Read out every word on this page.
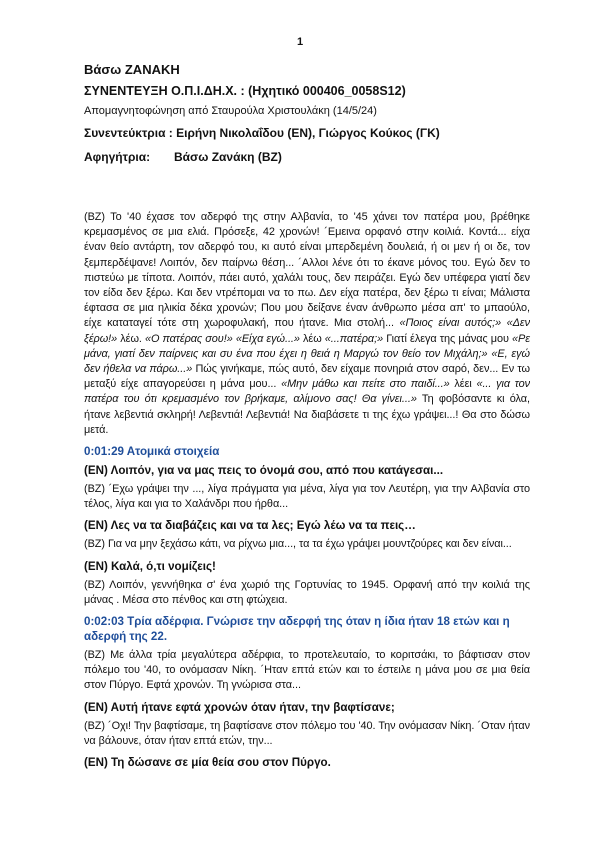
1
Βάσω ΖΑΝΑΚΗ
ΣΥΝΕΝΤΕΥΞΗ Ο.Π.Ι.ΔΗ.Χ. : (Ηχητικό 000406_0058S12)
Απομαγνητοφώνηση από Σταυρούλα Χριστουλάκη (14/5/24)
Συνεντεύκτρια : Ειρήνη Νικολαΐδου (ΕΝ), Γιώργος Κούκος (ΓΚ)
Αφηγήτρια: Βάσω Ζανάκη (ΒΖ)

(ΒΖ) Το '40 έχασε τον αδερφό της στην Αλβανία, το '45 χάνει τον πατέρα μου, βρέθηκε κρεμασμένος σε μια ελιά. Πρόσεξε, 42 χρονών! ´Εμεινα ορφανό στην κοιλιά. Κοντά... είχα έναν θείο αντάρτη, τον αδερφό του, κι αυτό είναι μπερδεμένη δουλειά, ή οι μεν ή οι δε, τον ξεμπερδέψανε! Λοιπόν, δεν παίρνω θέση... ´Αλλοι λένε ότι το έκανε μόνος του. Εγώ δεν το πιστεύω με τίποτα. Λοιπόν, πάει αυτό, χαλάλι τους, δεν πειράζει. Εγώ δεν υπέφερα γιατί δεν τον είδα δεν ξέρω. Και δεν ντρέπομαι να το πω. Δεν είχα πατέρα, δεν ξέρω τι είναι; Μάλιστα έφτασα σε μια ηλικία δέκα χρονών; Που μου δείξανε έναν άνθρωπο μέσα απ' το μπαούλο, είχε καταταγεί τότε στη χωροφυλακή, που ήτανε. Μια στολή... «Ποιος είναι αυτός;» «Δεν ξέρω!» λέω. «Ο πατέρας σου!» «Είχα εγώ...» λέω «...πατέρα;» Γιατί έλεγα της μάνας μου «Ρε μάνα, γιατί δεν παίρνεις και συ ένα που έχει η θειά η Μαργώ τον θείο τον Μιχάλη;» «Ε, εγώ δεν ήθελα να πάρω...» Πώς γινήκαμε, πώς αυτό, δεν είχαμε πονηριά στον σαρό, δεν... Εν τω μεταξύ είχε απαγορεύσει η μάνα μου... «Μην μάθω και πείτε στο παιδί...» λέει «... για τον πατέρα του ότι κρεμασμένο τον βρήκαμε, αλίμονο σας! Θα γίνει...» Τη φοβόσαντε κι όλα, ήτανε λεβεντιά σκληρή! Λεβεντιά! Λεβεντιά! Να διαβάσετε τι της έχω γράψει...! Θα στο δώσω μετά.

0:01:29 Ατομικά στοιχεία

(ΕΝ) Λοιπόν, για να μας πεις το όνομά σου, από που κατάγεσαι...

(ΒΖ) ´Εχω γράψει την ..., λίγα πράγματα για μένα, λίγα για τον Λευτέρη, για την Αλβανία στο τέλος, λίγα και για το Χαλάνδρι που ήρθα...

(ΕΝ) Λες να τα διαβάζεις και να τα λες; Εγώ λέω να τα πεις…

(ΒΖ) Για να μην ξεχάσω κάτι, να ρίχνω μια..., τα τα έχω γράψει μουντζούρες και δεν είναι...

(ΕΝ) Καλά, ό,τι νομίζεις!

(ΒΖ) Λοιπόν, γεννήθηκα σ' ένα χωριό της Γορτυνίας το 1945. Ορφανή από την κοιλιά της μάνας . Μέσα στο πένθος και στη φτώχεια.

0:02:03 Τρία αδέρφια. Γνώρισε την αδερφή της όταν η ίδια ήταν 18 ετών και η αδερφή της 22.

(ΒΖ) Με άλλα τρία μεγαλύτερα αδέρφια, το προτελευταίο, το κοριτσάκι, το βάφτισαν στον πόλεμο του '40, το ονόμασαν Νίκη. ´Ηταν επτά ετών και το έστειλε η μάνα μου σε μια θεία στον Πύργο. Εφτά χρονών. Τη γνώρισα στα...

(ΕΝ) Αυτή ήτανε εφτά χρονών όταν ήταν, την βαφτίσανε;

(ΒΖ) ´Οχι! Την βαφτίσαμε, τη βαφτίσανε στον πόλεμο του '40. Την ονόμασαν Νίκη. ´Οταν ήταν να βάλουνε, όταν ήταν επτά ετών, την...

(ΕΝ) Τη δώσανε σε μία θεία σου στον Πύργο.
